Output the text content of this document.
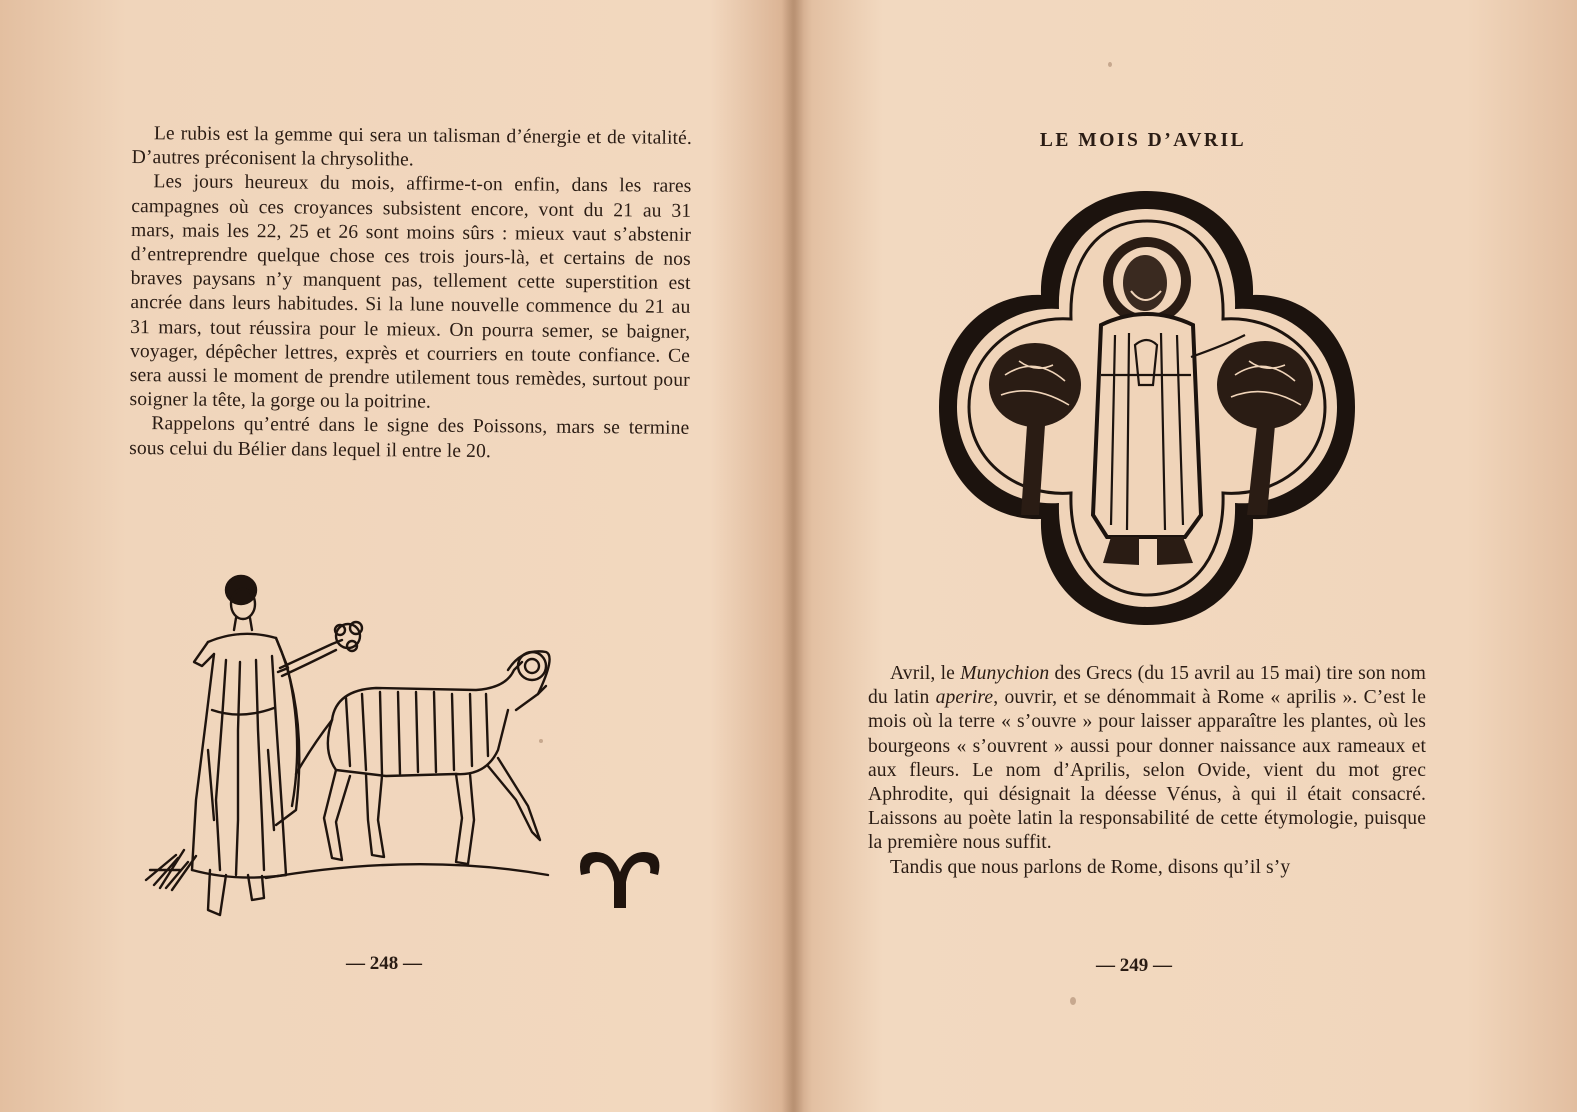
Le rubis est la gemme qui sera un talisman d’énergie et de vitalité. D’autres préconisent la chrysolithe.

Les jours heureux du mois, affirme-t-on enfin, dans les rares campagnes où ces croyances subsistent encore, vont du 21 au 31 mars, mais les 22, 25 et 26 sont moins sûrs : mieux vaut s’abstenir d’entreprendre quelque chose ces trois jours-là, et certains de nos braves paysans n’y manquent pas, tellement cette superstition est ancrée dans leurs habitudes. Si la lune nouvelle commence du 21 au 31 mars, tout réussira pour le mieux. On pourra semer, se baigner, voyager, dépêcher lettres, exprès et courriers en toute confiance. Ce sera aussi le moment de prendre utilement tous remèdes, surtout pour soigner la tête, la gorge ou la poitrine.

Rappelons qu’entré dans le signe des Poissons, mars se termine sous celui du Bélier dans lequel il entre le 20.

— 248 —
LE MOIS D’AVRIL

Avril, le Munychion des Grecs (du 15 avril au 15 mai) tire son nom du latin aperire, ouvrir, et se dénommait à Rome « aprilis ». C’est le mois où la terre « s’ouvre » pour laisser apparaître les plantes, où les bourgeons « s’ouvrent » aussi pour donner naissance aux rameaux et aux fleurs. Le nom d’Aprilis, selon Ovide, vient du mot grec Aphrodite, qui désignait la déesse Vénus, à qui il était consacré. Laissons au poète latin la responsabilité de cette étymologie, puisque la première nous suffit.

Tandis que nous parlons de Rome, disons qu’il s’y

— 249 —
